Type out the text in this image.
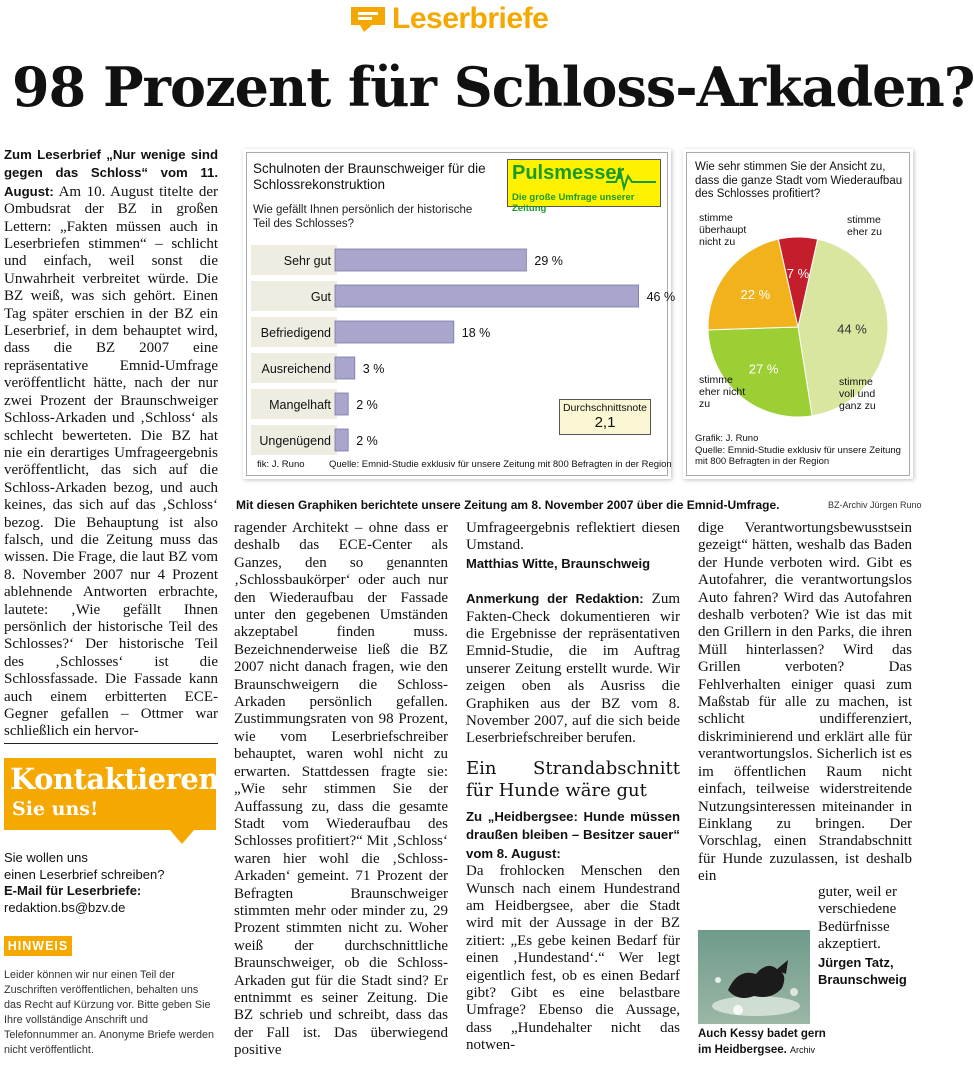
Leserbriefe
98 Prozent für Schloss-Arkaden?

Zum Leserbrief „Nur wenige sind gegen das Schloss“ vom 11. August: Am 10. August titelte der Ombudsrat der BZ in großen Lettern: „Fakten müssen auch in Leserbriefen stimmen“ – schlicht und einfach, weil sonst die Unwahrheit verbreitet würde. Die BZ weiß, was sich gehört. Einen Tag später erschien in der BZ ein Leserbrief, in dem behauptet wird, dass die BZ 2007 eine repräsentative Emnid-Umfrage veröffentlicht hätte, nach der nur zwei Prozent der Braunschweiger Schloss-Arkaden und ‚Schloss‘ als schlecht bewerteten. Die BZ hat nie ein derartiges Umfrageergebnis veröffentlicht, das sich auf die Schloss-Arkaden bezog, und auch keines, das sich auf das ‚Schloss‘ bezog. Die Behauptung ist also falsch, und die Zeitung muss das wissen. Die Frage, die laut BZ vom 8. November 2007 nur 4 Prozent ablehnende Antworten erbrachte, lautete: ‚Wie gefällt Ihnen persönlich der historische Teil des Schlosses?‘ Der historische Teil des ‚Schlosses‘ ist die Schlossfassade. Die Fassade kann auch einem erbitterten ECE-Gegner gefallen – Ottmer war schließlich ein hervor-

Schulnoten der Braunschweiger für die Schlossrekonstruktion
Wie gefällt Ihnen persönlich der historische Teil des Schlosses?
Pulsmesser
Die große Umfrage unserer Zeitung
Sehr gut	29 %
Gut	46 %
Befriedigend	18 %
Ausreichend	3 %
Mangelhaft 2 %
Ungenügend 2 %
Durchschnittsnote
2,1
fik: J. Runo	Quelle: Emnid-Studie exklusiv für unsere Zeitung mit 800 Befragten in der Region
Wie sehr stimmen Sie der Ansicht zu, dass die ganze Stadt vom Wiederaufbau des Schlosses profitiert?
44 %
27 %
22 %
7 %
stimme eher zu
stimme voll und ganz zu
stimme eher nicht zu
stimme überhaupt nicht zu
Grafik: J. Runo
Quelle: Emnid-Studie exklusiv für unsere Zeitung mit 800 Befragten in der Region
Mit diesen Graphiken berichtete unsere Zeitung am 8. November 2007 über die Emnid-Umfrage.	BZ-Archiv Jürgen Runo
Kontaktieren
Sie uns!
Sie wollen uns
einen Leserbrief schreiben?
E-Mail für Leserbriefe:
redaktion.bs@bzv.de
HINWEIS
Leider können wir nur einen Teil der Zuschriften veröffentlichen, behalten uns das Recht auf Kürzung vor. Bitte geben Sie Ihre vollständige Anschrift und Telefonnummer an. Anonyme Briefe werden nicht veröffentlicht.

ragender Architekt – ohne dass er deshalb das ECE-Center als Ganzes, den so genannten ‚Schlossbaukörper‘ oder auch nur den Wiederaufbau der Fassade unter den gegebenen Umständen akzeptabel finden muss. Bezeichnenderweise ließ die BZ 2007 nicht danach fragen, wie den Braunschweigern die Schloss-Arkaden persönlich gefallen. Zustimmungsraten von 98 Prozent, wie vom Leserbriefschreiber behauptet, waren wohl nicht zu erwarten. Stattdessen fragte sie: „Wie sehr stimmen Sie der Auffassung zu, dass die gesamte Stadt vom Wiederaufbau des Schlosses profitiert?“ Mit ‚Schloss‘ waren hier wohl die ‚Schloss-Arkaden‘ gemeint. 71 Prozent der Befragten Braunschweiger stimmten mehr oder minder zu, 29 Prozent stimmten nicht zu. Woher weiß der durchschnittliche Braunschweiger, ob die Schloss-Arkaden gut für die Stadt sind? Er entnimmt es seiner Zeitung. Die BZ schrieb und schreibt, dass das der Fall ist. Das überwiegend positive

Umfrageergebnis reflektiert diesen Umstand.

Matthias Witte, Braunschweig

Anmerkung der Redaktion: Zum Fakten-Check dokumentieren wir die Ergebnisse der repräsentativen Emnid-Studie, die im Auftrag unserer Zeitung erstellt wurde. Wir zeigen oben als Ausriss die Graphiken aus der BZ vom 8. November 2007, auf die sich beide Leserbriefschreiber berufen.

Ein Strandabschnitt für Hunde wäre gut

Zu „Heidbergsee: Hunde müssen draußen bleiben – Besitzer sauer“ vom 8. August:

Da frohlocken Menschen den Wunsch nach einem Hundestrand am Heidbergsee, aber die Stadt wird mit der Aussage in der BZ zitiert: „Es gebe keinen Bedarf für einen ‚Hundestand‘.“ Wer legt eigentlich fest, ob es einen Bedarf gibt? Gibt es eine belastbare Umfrage? Ebenso die Aussage, dass „Hundehalter nicht das notwen-

dige Verantwortungsbewusstsein gezeigt“ hätten, weshalb das Baden der Hunde verboten wird. Gibt es Autofahrer, die verantwortungslos Auto fahren? Wird das Autofahren deshalb verboten? Wie ist das mit den Grillern in den Parks, die ihren Müll hinterlassen? Wird das Grillen verboten? Das Fehlverhalten einiger quasi zum Maßstab für alle zu machen, ist schlicht undifferenziert, diskriminierend und erklärt alle für verantwortungslos. Sicherlich ist es im öffentlichen Raum nicht einfach, teilweise widerstreitende Nutzungsinteressen miteinander in Einklang zu bringen. Der Vorschlag, einen Strandabschnitt für Hunde zuzulassen, ist deshalb ein

guter, weil er verschiedene Bedürfnisse akzeptiert.
Jürgen Tatz, Braunschweig
Auch Kessy badet gern im Heidbergsee. Archiv
